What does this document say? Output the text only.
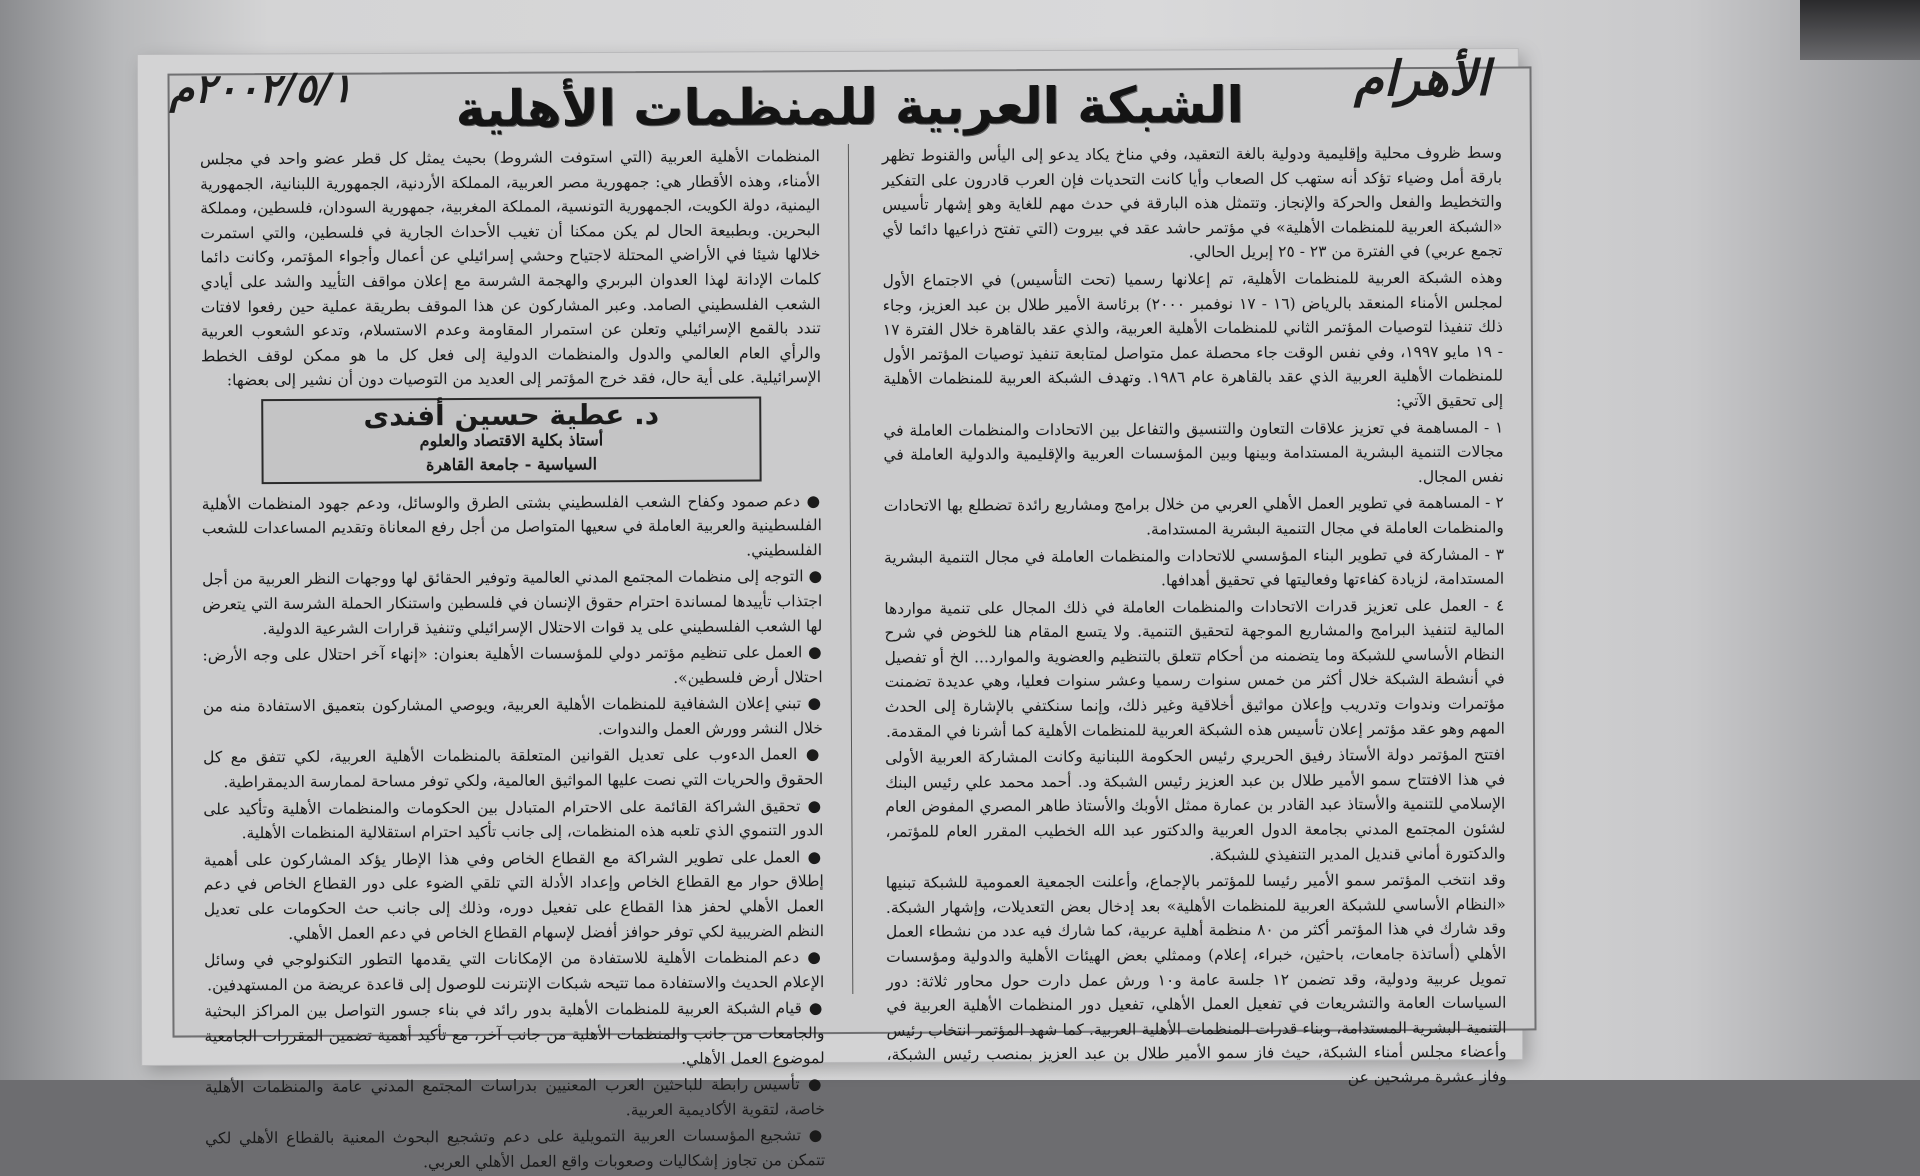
٢٠٠٢/٥/١م	الأهرام
الشبكة العربية للمنظمات الأهلية

وسط ظروف محلية وإقليمية ودولية بالغة التعقيد، وفي مناخ يكاد يدعو إلى اليأس والقنوط تظهر بارقة أمل وضياء تؤكد أنه ستهب كل الصعاب وأيا كانت التحديات فإن العرب قادرون على التفكير والتخطيط والفعل والحركة والإنجاز. وتتمثل هذه البارقة في حدث مهم للغاية وهو إشهار تأسيس «الشبكة العربية للمنظمات الأهلية» في مؤتمر حاشد عقد في بيروت (التي تفتح ذراعيها دائما لأي تجمع عربي) في الفترة من ٢٣ - ٢٥ إبريل الحالي.

وهذه الشبكة العربية للمنظمات الأهلية، تم إعلانها رسميا (تحت التأسيس) في الاجتماع الأول لمجلس الأمناء المنعقد بالرياض (١٦ - ١٧ نوفمبر ٢٠٠٠) برئاسة الأمير طلال بن عبد العزيز، وجاء ذلك تنفيذا لتوصيات المؤتمر الثاني للمنظمات الأهلية العربية، والذي عقد بالقاهرة خلال الفترة ١٧ - ١٩ مايو ١٩٩٧، وفي نفس الوقت جاء محصلة عمل متواصل لمتابعة تنفيذ توصيات المؤتمر الأول للمنظمات الأهلية العربية الذي عقد بالقاهرة عام ١٩٨٦. وتهدف الشبكة العربية للمنظمات الأهلية إلى تحقيق الآتي:

١ - المساهمة في تعزيز علاقات التعاون والتنسيق والتفاعل بين الاتحادات والمنظمات العاملة في مجالات التنمية البشرية المستدامة وبينها وبين المؤسسات العربية والإقليمية والدولية العاملة في نفس المجال.

٢ - المساهمة في تطوير العمل الأهلي العربي من خلال برامج ومشاريع رائدة تضطلع بها الاتحادات والمنظمات العاملة في مجال التنمية البشرية المستدامة.

٣ - المشاركة في تطوير البناء المؤسسي للاتحادات والمنظمات العاملة في مجال التنمية البشرية المستدامة، لزيادة كفاءتها وفعاليتها في تحقيق أهدافها.

٤ - العمل على تعزيز قدرات الاتحادات والمنظمات العاملة في ذلك المجال على تنمية مواردها المالية لتنفيذ البرامج والمشاريع الموجهة لتحقيق التنمية. ولا يتسع المقام هنا للخوض في شرح النظام الأساسي للشبكة وما يتضمنه من أحكام تتعلق بالتنظيم والعضوية والموارد... الخ أو تفصيل في أنشطة الشبكة خلال أكثر من خمس سنوات رسميا وعشر سنوات فعليا، وهي عديدة تضمنت مؤتمرات وندوات وتدريب وإعلان مواثيق أخلاقية وغير ذلك، وإنما سنكتفي بالإشارة إلى الحدث المهم وهو عقد مؤتمر إعلان تأسيس هذه الشبكة العربية للمنظمات الأهلية كما أشرنا في المقدمة.

افتتح المؤتمر دولة الأستاذ رفيق الحريري رئيس الحكومة اللبنانية وكانت المشاركة العربية الأولى في هذا الافتتاح سمو الأمير طلال بن عبد العزيز رئيس الشبكة ود. أحمد محمد علي رئيس البنك الإسلامي للتنمية والأستاذ عبد القادر بن عمارة ممثل الأوبك والأستاذ طاهر المصري المفوض العام لشئون المجتمع المدني بجامعة الدول العربية والدكتور عبد الله الخطيب المقرر العام للمؤتمر، والدكتورة أماني قنديل المدير التنفيذي للشبكة.

وقد انتخب المؤتمر سمو الأمير رئيسا للمؤتمر بالإجماع، وأعلنت الجمعية العمومية للشبكة تبنيها «النظام الأساسي للشبكة العربية للمنظمات الأهلية» بعد إدخال بعض التعديلات، وإشهار الشبكة. وقد شارك في هذا المؤتمر أكثر من ٨٠ منظمة أهلية عربية، كما شارك فيه عدد من نشطاء العمل الأهلي (أساتذة جامعات، باحثين، خبراء، إعلام) وممثلي بعض الهيئات الأهلية والدولية ومؤسسات تمويل عربية ودولية، وقد تضمن ١٢ جلسة عامة و١٠ ورش عمل دارت حول محاور ثلاثة: دور السياسات العامة والتشريعات في تفعيل العمل الأهلي، تفعيل دور المنظمات الأهلية العربية في التنمية البشرية المستدامة، وبناء قدرات المنظمات الأهلية العربية. كما شهد المؤتمر انتخاب رئيس وأعضاء مجلس أمناء الشبكة، حيث فاز سمو الأمير طلال بن عبد العزيز بمنصب رئيس الشبكة، وفاز عشرة مرشحين عن

المنظمات الأهلية العربية (التي استوفت الشروط) بحيث يمثل كل قطر عضو واحد في مجلس الأمناء، وهذه الأقطار هي: جمهورية مصر العربية، المملكة الأردنية، الجمهورية اللبنانية، الجمهورية اليمنية، دولة الكويت، الجمهورية التونسية، المملكة المغربية، جمهورية السودان، فلسطين، ومملكة البحرين. وبطبيعة الحال لم يكن ممكنا أن تغيب الأحداث الجارية في فلسطين، والتي استمرت خلالها شيئا في الأراضي المحتلة لاجتياح وحشي إسرائيلي عن أعمال وأجواء المؤتمر، وكانت دائما كلمات الإدانة لهذا العدوان البربري والهجمة الشرسة مع إعلان مواقف التأييد والشد على أيادي الشعب الفلسطيني الصامد. وعبر المشاركون عن هذا الموقف بطريقة عملية حين رفعوا لافتات تندد بالقمع الإسرائيلي وتعلن عن استمرار المقاومة وعدم الاستسلام، وتدعو الشعوب العربية والرأي العام العالمي والدول والمنظمات الدولية إلى فعل كل ما هو ممكن لوقف الخطط الإسرائيلية. على أية حال، فقد خرج المؤتمر إلى العديد من التوصيات دون أن نشير إلى بعضها:

د. عطية حسين أفندى
أستاذ بكلية الاقتصاد والعلوم
السياسية - جامعة القاهرة

● دعم صمود وكفاح الشعب الفلسطيني بشتى الطرق والوسائل، ودعم جهود المنظمات الأهلية الفلسطينية والعربية العاملة في سعيها المتواصل من أجل رفع المعاناة وتقديم المساعدات للشعب الفلسطيني.

● التوجه إلى منظمات المجتمع المدني العالمية وتوفير الحقائق لها ووجهات النظر العربية من أجل اجتذاب تأييدها لمساندة احترام حقوق الإنسان في فلسطين واستنكار الحملة الشرسة التي يتعرض لها الشعب الفلسطيني على يد قوات الاحتلال الإسرائيلي وتنفيذ قرارات الشرعية الدولية.

● العمل على تنظيم مؤتمر دولي للمؤسسات الأهلية بعنوان: «إنهاء آخر احتلال على وجه الأرض: احتلال أرض فلسطين».

● تبني إعلان الشفافية للمنظمات الأهلية العربية، ويوصي المشاركون بتعميق الاستفادة منه من خلال النشر وورش العمل والندوات.

● العمل الدءوب على تعديل القوانين المتعلقة بالمنظمات الأهلية العربية، لكي تتفق مع كل الحقوق والحريات التي نصت عليها المواثيق العالمية، ولكي توفر مساحة لممارسة الديمقراطية.

● تحقيق الشراكة القائمة على الاحترام المتبادل بين الحكومات والمنظمات الأهلية وتأكيد على الدور التنموي الذي تلعبه هذه المنظمات، إلى جانب تأكيد احترام استقلالية المنظمات الأهلية.

● العمل على تطوير الشراكة مع القطاع الخاص وفي هذا الإطار يؤكد المشاركون على أهمية إطلاق حوار مع القطاع الخاص وإعداد الأدلة التي تلقي الضوء على دور القطاع الخاص في دعم العمل الأهلي لحفز هذا القطاع على تفعيل دوره، وذلك إلى جانب حث الحكومات على تعديل النظم الضريبية لكي توفر حوافز أفضل لإسهام القطاع الخاص في دعم العمل الأهلي.

● دعم المنظمات الأهلية للاستفادة من الإمكانات التي يقدمها التطور التكنولوجي في وسائل الإعلام الحديث والاستفادة مما تتيحه شبكات الإنترنت للوصول إلى قاعدة عريضة من المستهدفين.

● قيام الشبكة العربية للمنظمات الأهلية بدور رائد في بناء جسور التواصل بين المراكز البحثية والجامعات من جانب والمنظمات الأهلية من جانب آخر، مع تأكيد أهمية تضمين المقررات الجامعية لموضوع العمل الأهلي.

● تأسيس رابطة للباحثين العرب المعنيين بدراسات المجتمع المدني عامة والمنظمات الأهلية خاصة، لتقوية الأكاديمية العربية.

● تشجيع المؤسسات العربية التمويلية على دعم وتشجيع البحوث المعنية بالقطاع الأهلي لكي تتمكن من تجاوز إشكاليات وصعوبات واقع العمل الأهلي العربي.
